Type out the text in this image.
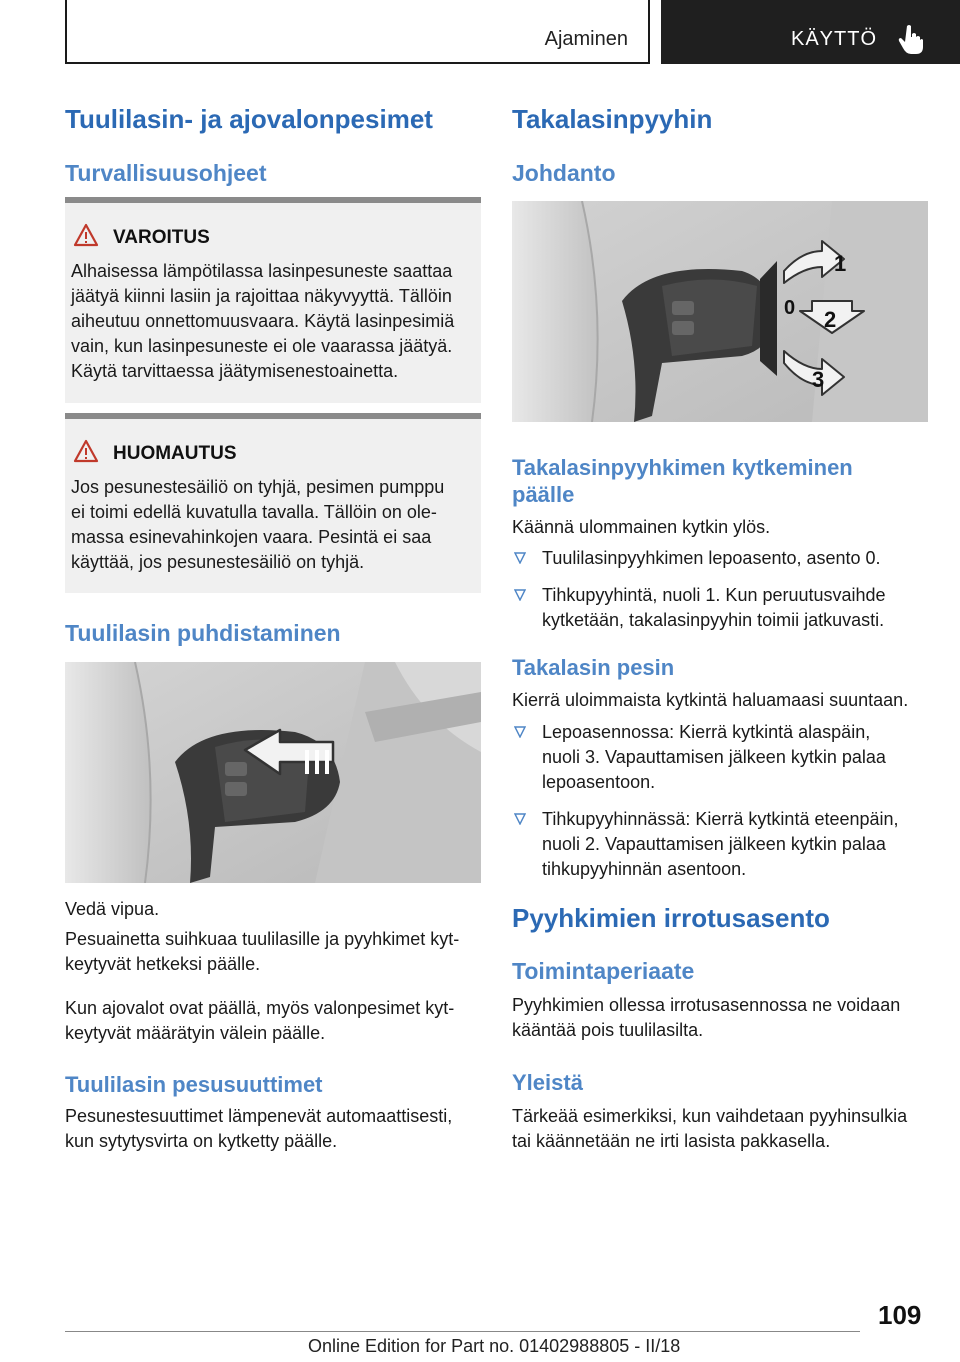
Ajaminen	KÄYTTÖ
Tuulilasin- ja ajovalonpesimet
Turvallisuusohjeet
VAROITUS
Alhaisessa lämpötilassa lasinpesuneste saattaa
jäätyä kiinni lasiin ja rajoittaa näkyvyyttä. Tällöin
aiheutuu onnettomuusvaara. Käytä lasinpesimiä
vain, kun lasinpesuneste ei ole vaarassa jäätyä.
Käytä tarvittaessa jäätymisenestoainetta.
HUOMAUTUS
Jos pesunestesäiliö on tyhjä, pesimen pumppu
ei toimi edellä kuvatulla tavalla. Tällöin on ole-
massa esinevahinkojen vaara. Pesintä ei saa
käyttää, jos pesunestesäiliö on tyhjä.
Tuulilasin puhdistaminen
Vedä vipua.
Pesuainetta suihkuaa tuulilasille ja pyyhkimet kyt-
keytyvät hetkeksi päälle.
Kun ajovalot ovat päällä, myös valonpesimet kyt-
keytyvät määrätyin välein päälle.
Tuulilasin pesusuuttimet
Pesunestesuuttimet lämpenevät automaattisesti,
kun sytytysvirta on kytketty päälle.
Takalasinpyyhin
Johdanto
1
0 2
3
Takalasinpyyhkimen kytkeminen
päälle
Käännä ulommainen kytkin ylös.
Tuulilasinpyyhkimen lepoasento, asento 0.
Tihkupyyhintä, nuoli 1. Kun peruutusvaihde
kytketään, takalasinpyyhin toimii jatkuvasti.
Takalasin pesin
Kierrä uloimmaista kytkintä haluamaasi suuntaan.
Lepoasennossa: Kierrä kytkintä alaspäin,
nuoli 3. Vapauttamisen jälkeen kytkin palaa
lepoasentoon.
Tihkupyyhinnässä: Kierrä kytkintä eteenpäin,
nuoli 2. Vapauttamisen jälkeen kytkin palaa
tihkupyyhinnän asentoon.
Pyyhkimien irrotusasento
Toimintaperiaate
Pyyhkimien ollessa irrotusasennossa ne voidaan
kääntää pois tuulilasilta.
Yleistä
Tärkeää esimerkiksi, kun vaihdetaan pyyhinsulkia
tai käännetään ne irti lasista pakkasella.
109
Online Edition for Part no. 01402988805 - II/18
